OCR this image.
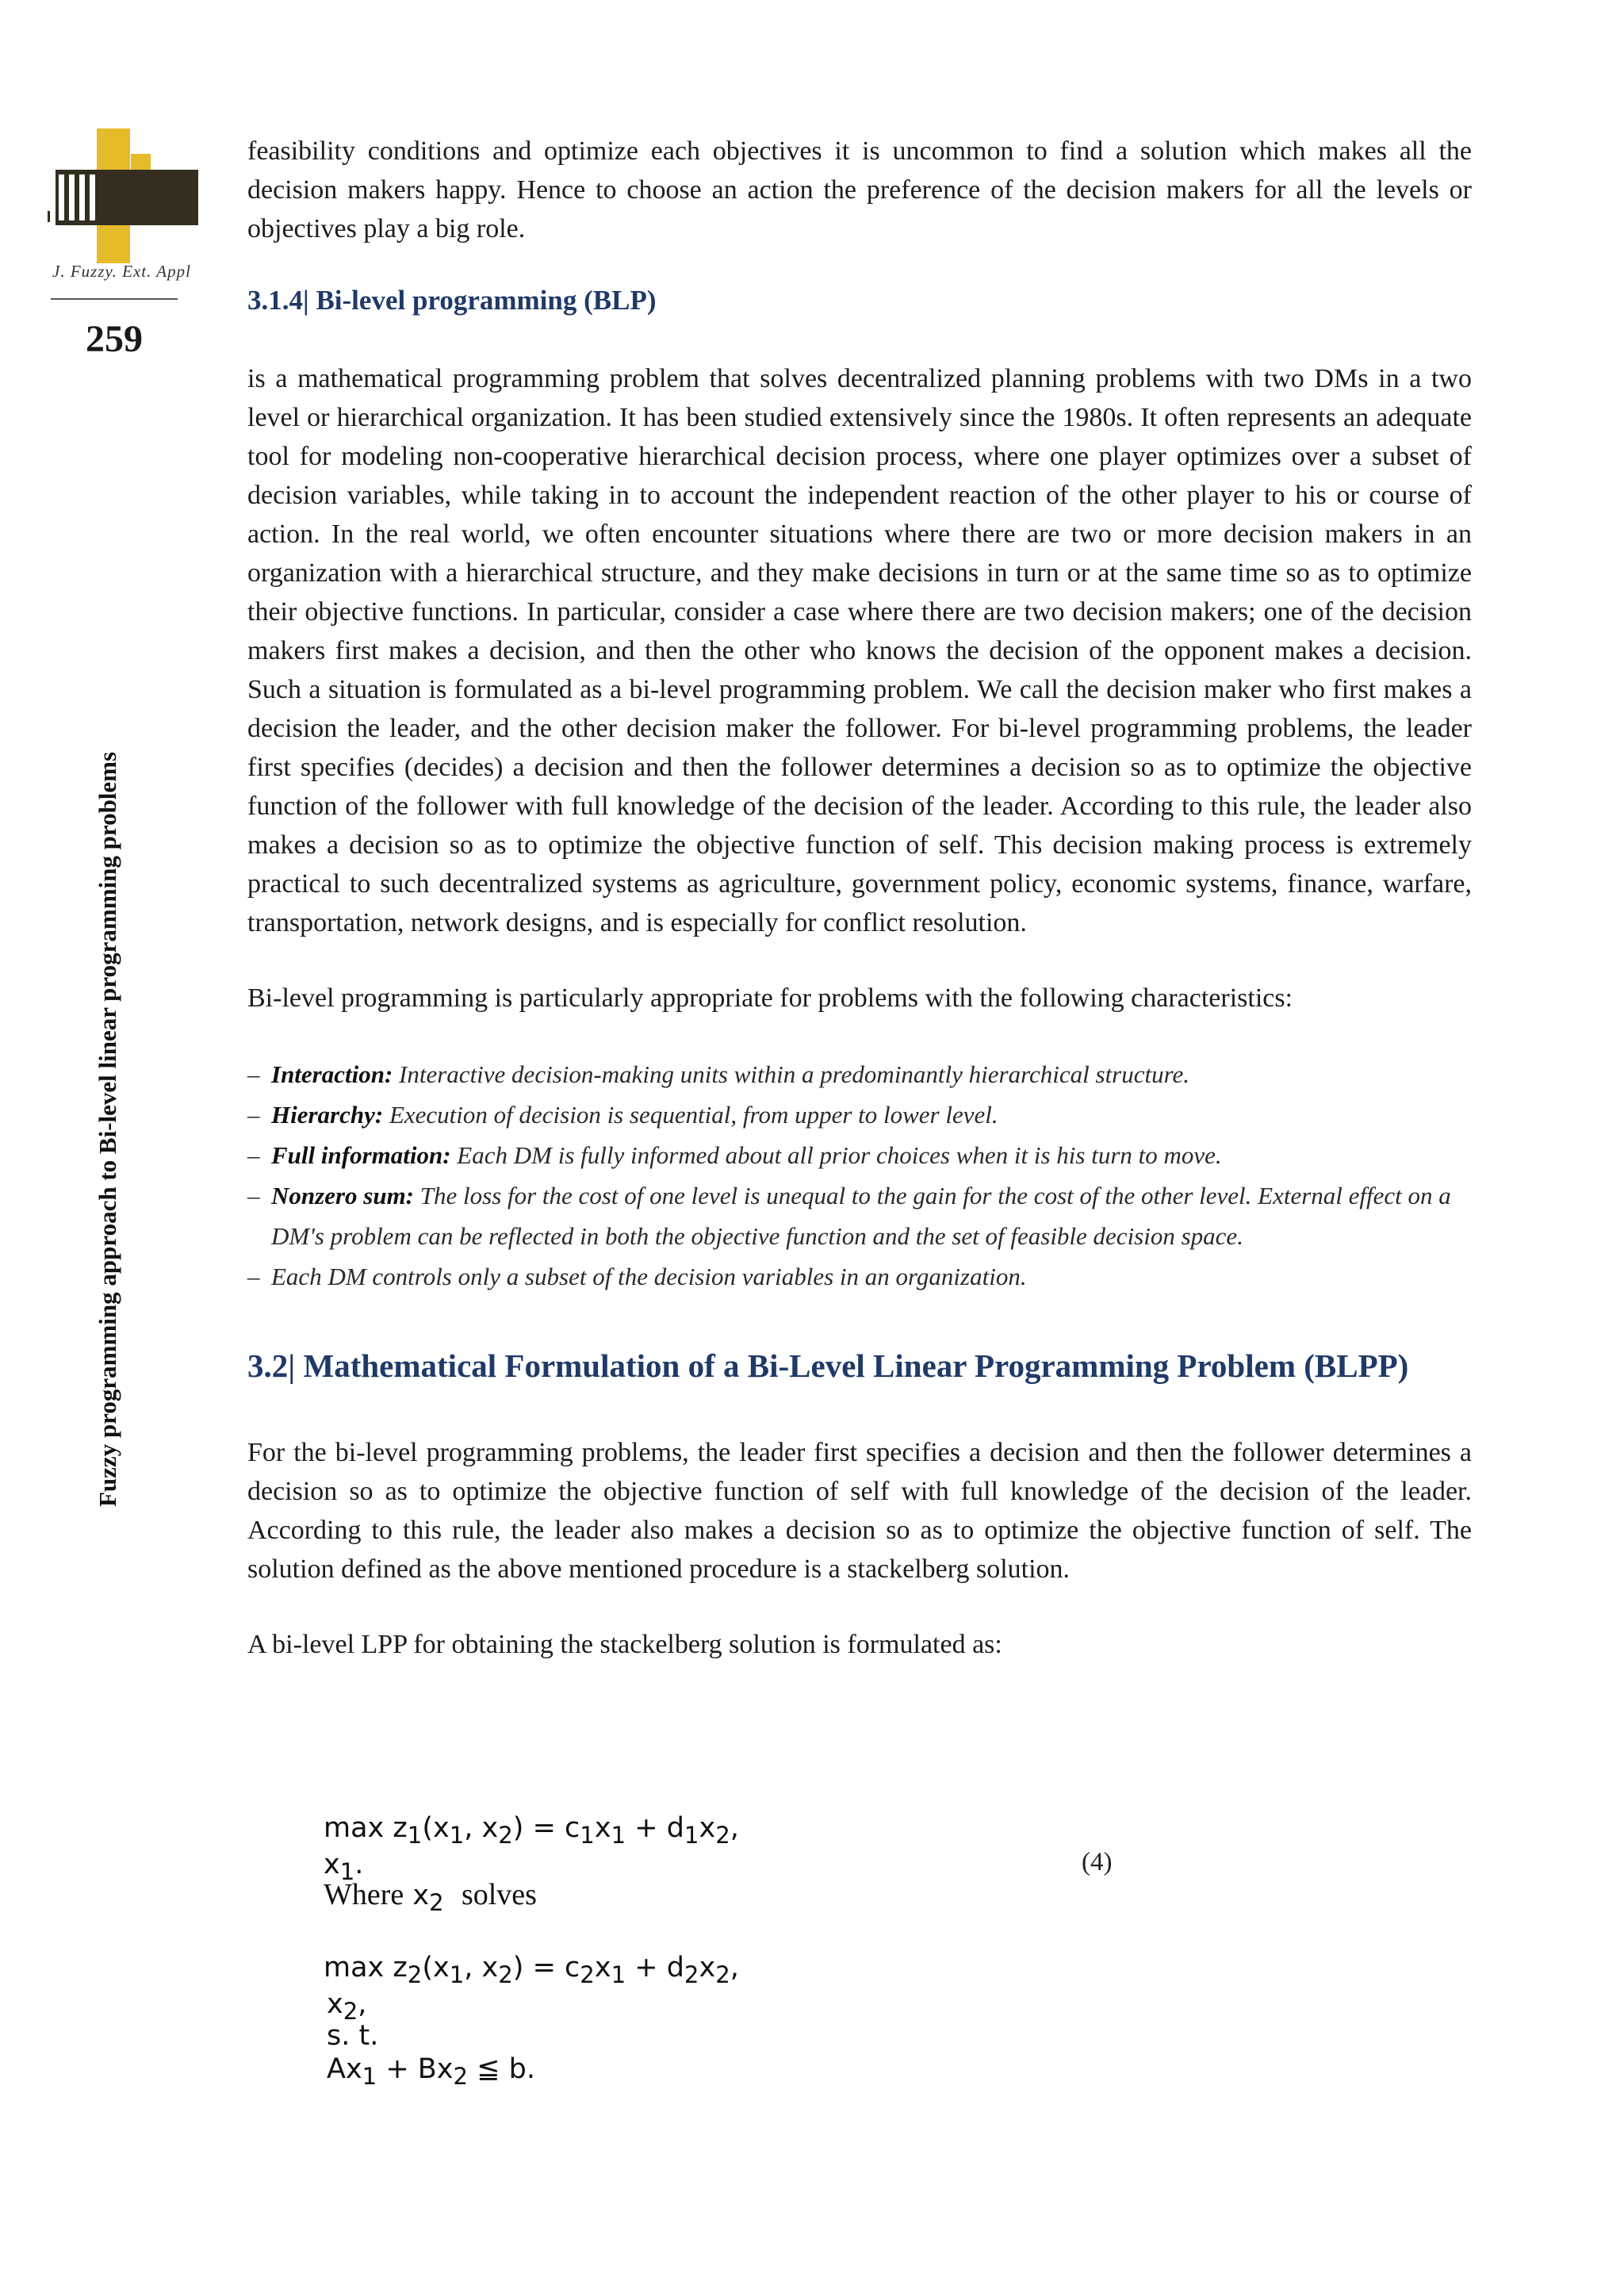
J. Fuzzy. Ext. Appl
259
Fuzzy programming approach to Bi-level linear programming problems

feasibility conditions and optimize each objectives it is uncommon to find a solution which makes all the decision makers happy. Hence to choose an action the preference of the decision makers for all the levels or objectives play a big role.

3.1.4| Bi-level programming (BLP)

is a mathematical programming problem that solves decentralized planning problems with two DMs in a two level or hierarchical organization. It has been studied extensively since the 1980s. It often represents an adequate tool for modeling non-cooperative hierarchical decision process, where one player optimizes over a subset of decision variables, while taking in to account the independent reaction of the other player to his or course of action. In the real world, we often encounter situations where there are two or more decision makers in an organization with a hierarchical structure, and they make decisions in turn or at the same time so as to optimize their objective functions. In particular, consider a case where there are two decision makers; one of the decision makers first makes a decision, and then the other who knows the decision of the opponent makes a decision. Such a situation is formulated as a bi-level programming problem. We call the decision maker who first makes a decision the leader, and the other decision maker the follower. For bi-level programming problems, the leader first specifies (decides) a decision and then the follower determines a decision so as to optimize the objective function of the follower with full knowledge of the decision of the leader. According to this rule, the leader also makes a decision so as to optimize the objective function of self. This decision making process is extremely practical to such decentralized systems as agriculture, government policy, economic systems, finance, warfare, transportation, network designs, and is especially for conflict resolution.

Bi-level programming is particularly appropriate for problems with the following characteristics:

– Interaction: Interactive decision-making units within a predominantly hierarchical structure.
– Hierarchy: Execution of decision is sequential, from upper to lower level.
– Full information: Each DM is fully informed about all prior choices when it is his turn to move.
– Nonzero sum: The loss for the cost of one level is unequal to the gain for the cost of the other level. External effect on a DM's problem can be reflected in both the objective function and the set of feasible decision space.
– Each DM controls only a subset of the decision variables in an organization.
3.2| Mathematical Formulation of a Bi-Level Linear Programming Problem (BLPP)

For the bi-level programming problems, the leader first specifies a decision and then the follower determines a decision so as to optimize the objective function of self with full knowledge of the decision of the leader. According to this rule, the leader also makes a decision so as to optimize the objective function of self. The solution defined as the above mentioned procedure is a stackelberg solution.

A bi-level LPP for obtaining the stackelberg solution is formulated as:

$\max z_1(x_1$, $x_2) = c_1x_1 + d_1x_2$,
$x_1$.
Where $x_2$ solves
$\max z_2(x_1$, $x_2) = c_2x_1 + d_2x_2$,
$x_2$,
s. t.
$Ax_1 + Bx_2$ ≦ b.
(4)
